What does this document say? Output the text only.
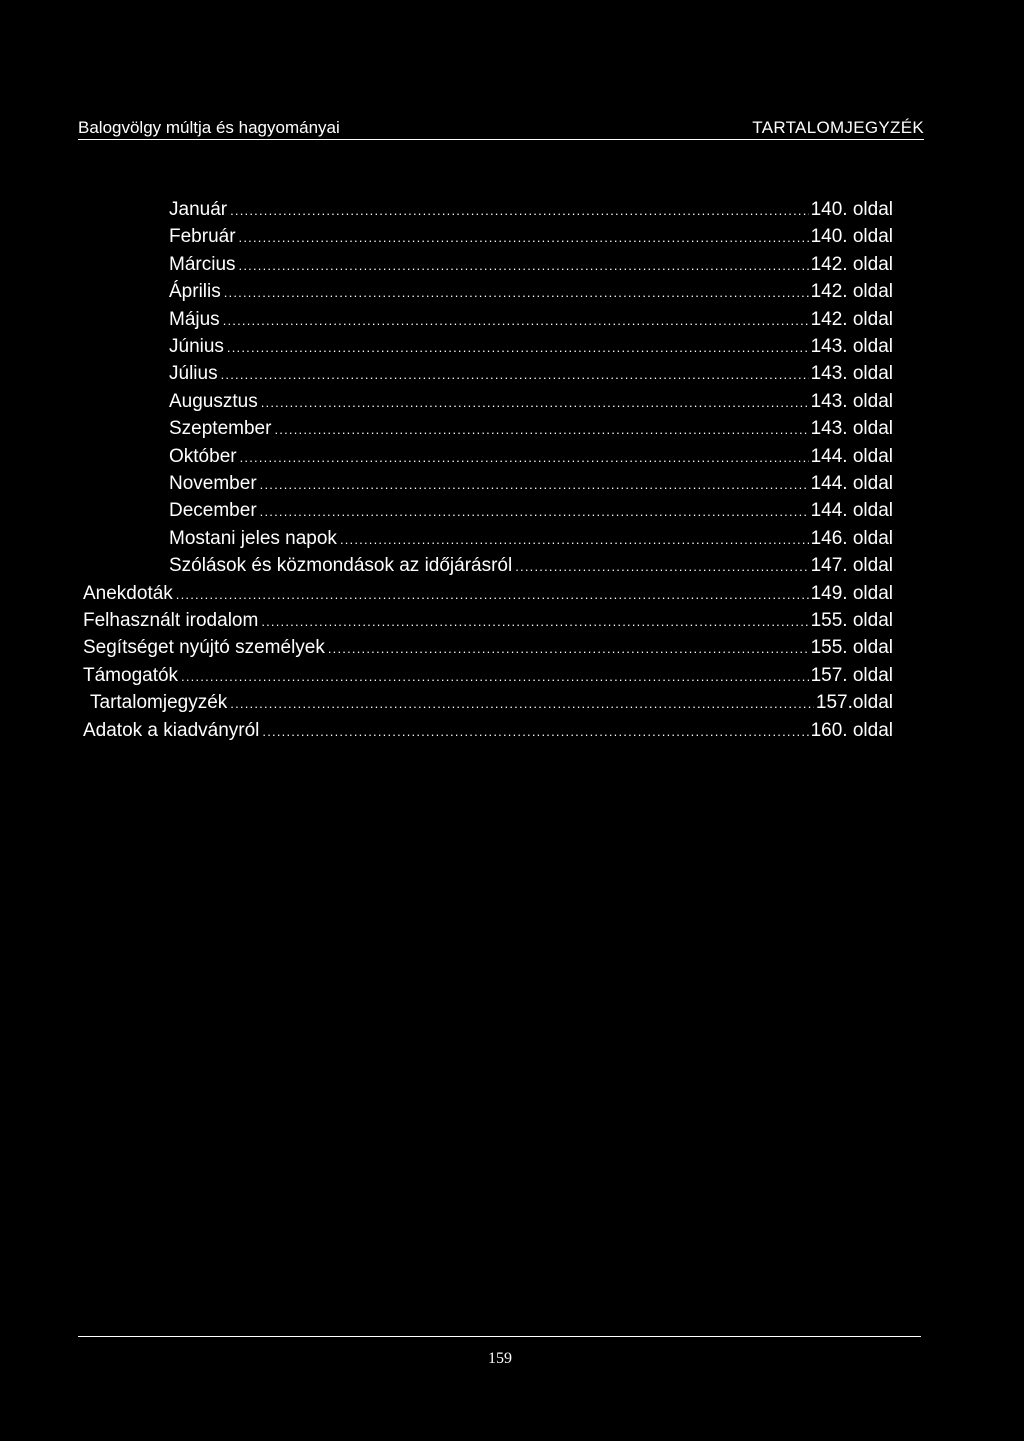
Balogvölgy múltja és hagyományai	TARTALOMJEGYZÉK
Január .....	140. oldal
Február .....	140. oldal
Március .....	142. oldal
Április .....	142. oldal
Május .....	142. oldal
Június .....	143. oldal
Július .....	143. oldal
Augusztus .....	143. oldal
Szeptember .....	143. oldal
Október .....	144. oldal
November .....	144. oldal
December .....	144. oldal
Mostani jeles napok .....	146. oldal
Szólások és közmondások az időjárásról .....	147. oldal
Anekdoták .....	149. oldal
Felhasznált irodalom .....	155. oldal
Segítséget nyújtó személyek .....	155. oldal
Támogatók .....	157. oldal
Tartalomjegyzék .....	157.oldal
Adatok a kiadványról .....	160. oldal
159
